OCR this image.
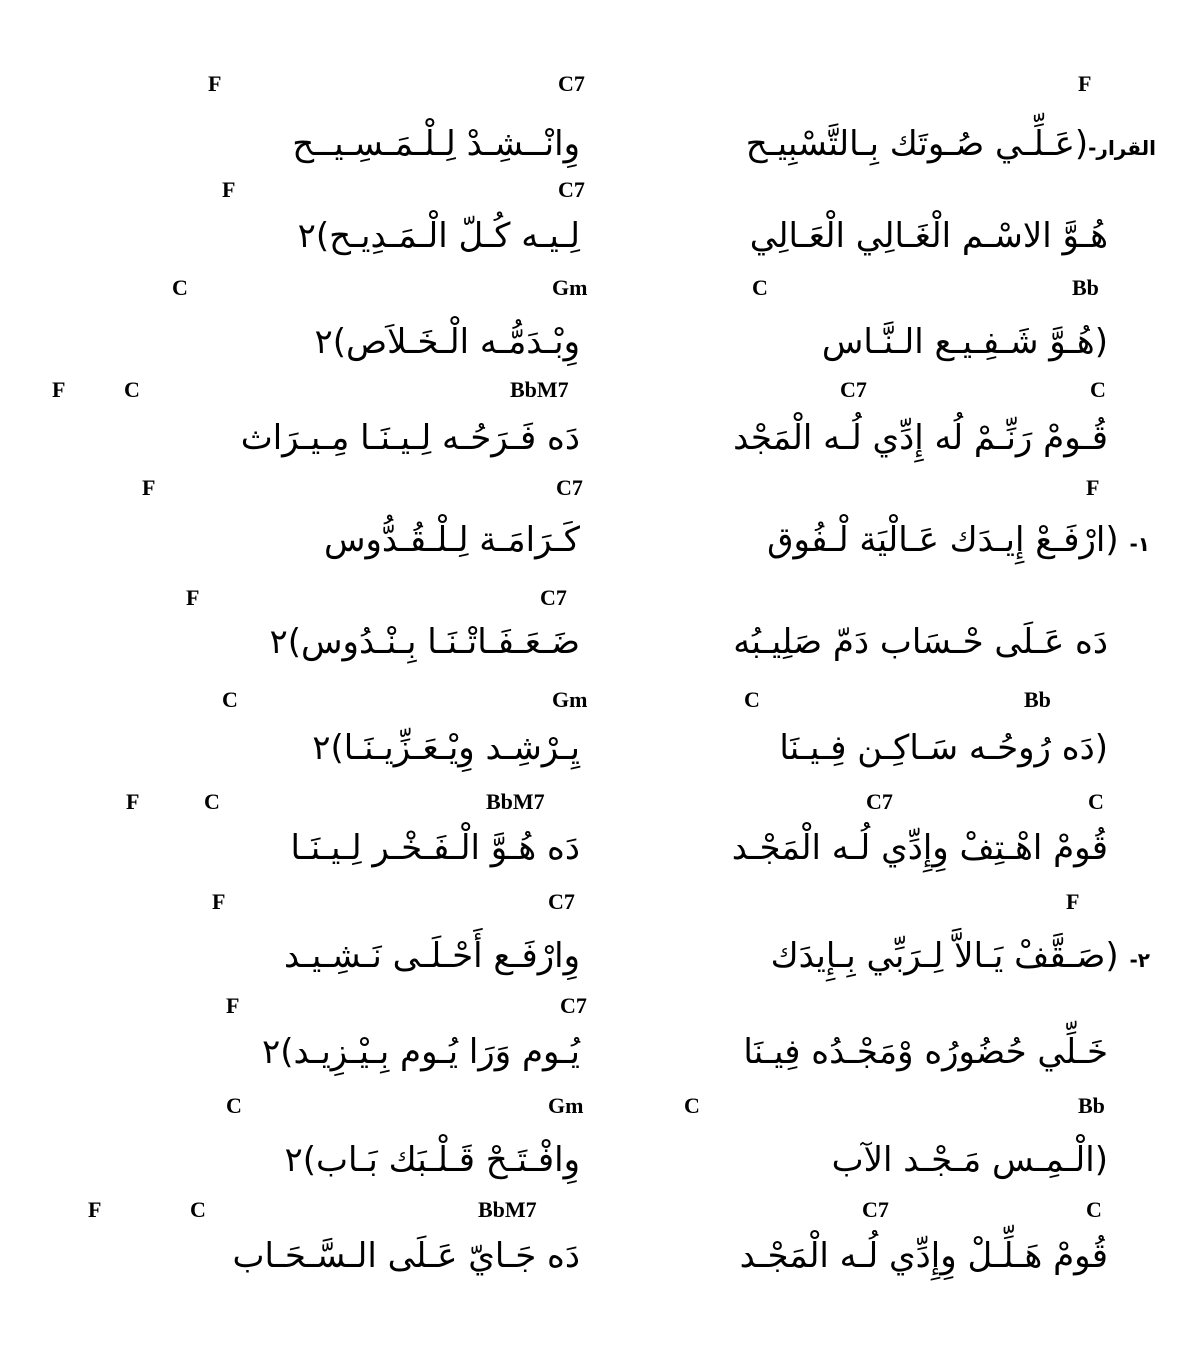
F	C7	F
وِانْــشِـدْ لِـلْـمَـسِـيــح	القرار-(عَـلِّـي صُـوتَك بِـالتَّسْبِيـح
F	C7
لِـيـه كُـلّ الْـمَـدِيـح)٢	هُـوَّ الاسْـم الْغَـالِي الْعَـالِي
C	Gm	C	Bb
وِبْـدَمُّـه الْـخَـلاَص)٢	(هُـوَّ شَـفِـيـع الـنَّـاس
F	C	BbM7	C7	C
دَه فَـرَحُـه لِـيـنَـا مِـيـرَاث	قُـومْ رَنِّـمْ لُه إِدِّي لُـه الْمَجْد
F	C7	F
كَـرَامَـة لِـلْـقُـدُّوس	١- (ارْفَـعْ إِيـدَك عَـالْيَة لْـفُوق
F	C7
ضَـعَـفَـاتْـنَـا بِـنْـدُوس)٢	دَه عَـلَى حْـسَاب دَمّ صَلِيـبُه
C	Gm	C	Bb
يِـرْشِـد وِيْـعَـزِّيـنَـا)٢	(دَه رُوحُـه سَـاكِـن فِـيـنَا
F	C	BbM7	C7	C
دَه هُـوَّ الْـفَـخْـر لِـيـنَـا	قُومْ اهْـتِفْ وِإِدِّي لُـه الْمَجْـد
F	C7	F
وِارْفَـع أَحْـلَـى نَـشِـيـد	٢- (صَـقَّفْ يَـالاَّ لِـرَبِّي بِـإِيدَك
F	C7
يُـوم وَرَا يُـوم بِـيْـزِيـد)٢	خَـلِّي حُضُورُه وْمَجْـدُه فِيـنَا
C	Gm	C	Bb
وِافْـتَـحْ قَـلْـبَك بَـاب)٢	(الْـمِـس مَـجْـد الآب
F	C	BbM7	C7	C
دَه جَـايّ عَـلَى الـسَّـحَـاب	قُومْ هَـلِّـلْ وِإِدِّي لُـه الْمَجْـد
